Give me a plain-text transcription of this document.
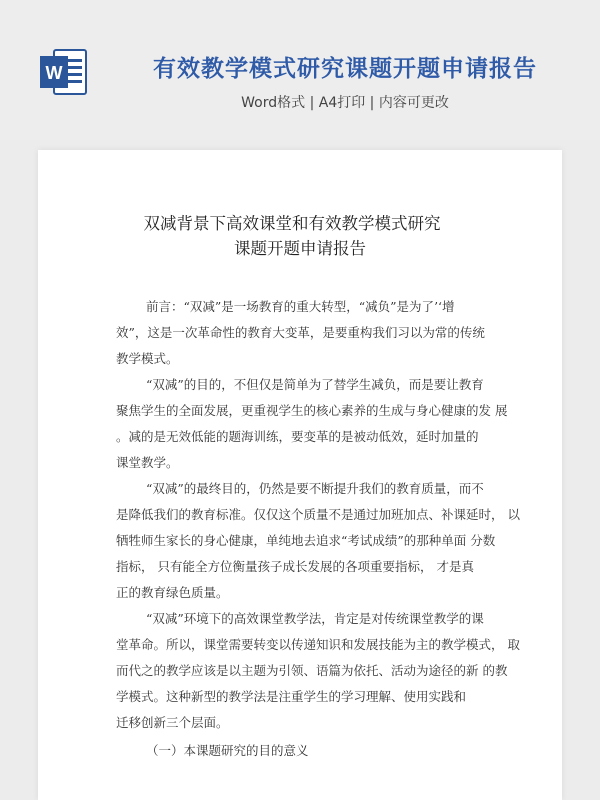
W	有效教学模式研究课题开题申请报告
Word格式 | A4打印 | 内容可更改
双减背景下高效课堂和有效教学模式研究
课题开题申请报告
前言：“双减”是一场教育的重大转型，“减负”是为了’‘增
效”，这是一次革命性的教育大变革，是要重构我们习以为常的传统
教学模式。
“双减”的目的，不但仅是简单为了替学生减负，而是要让教育
聚焦学生的全面发展，更重视学生的核心素养的生成与身心健康的发 展
。减的是无效低能的题海训练，要变革的是被动低效，延时加量的
课堂教学。
“双减”的最终目的，仍然是要不断提升我们的教育质量，而不
是降低我们的教育标准。仅仅这个质量不是通过加班加点、补课延时， 以
牺牲师生家长的身心健康，单纯地去追求“考试成绩”的那种单面 分数
指标， 只有能全方位衡量孩子成长发展的各项重要指标， 才是真
正的教育绿色质量。
“双减”环境下的高效课堂教学法，肯定是对传统课堂教学的课
堂革命。所以，课堂需要转变以传递知识和发展技能为主的教学模式， 取
而代之的教学应该是以主题为引领、语篇为依托、活动为途径的新 的教
学模式。这种新型的教学法是注重学生的学习理解、使用实践和
迁移创新三个层面。
（一）本课题研究的目的意义
